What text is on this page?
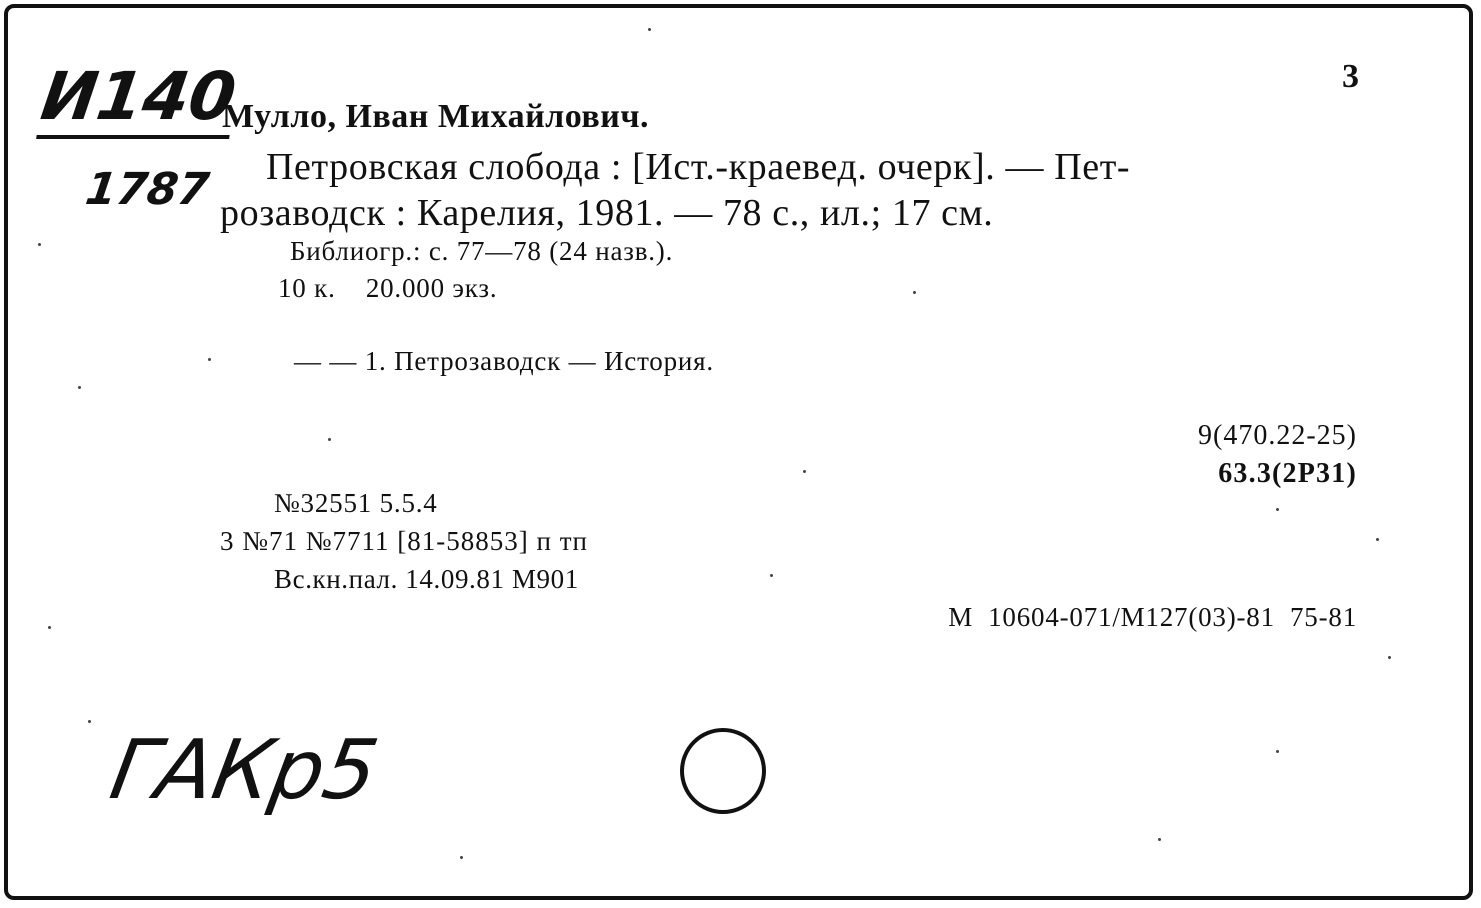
И140
1787
3
Мулло, Иван Михайлович.
Петровская слобода : [Ист.-краевед. очерк]. — Пет-
розаводск : Карелия, 1981. — 78 с., ил.; 17 см.
Библиогр.: с. 77—78 (24 назв.).
10 к.    20.000 экз.
— — 1. Петрозаводск — История.
9(470.22-25)
63.3(2Р31)
№32551 5.5.4
3 №71 №7711 [81-58853] п тп
Вс.кн.пал. 14.09.81 М901
М  10604-071/М127(03)-81  75-81
ГАКр5
